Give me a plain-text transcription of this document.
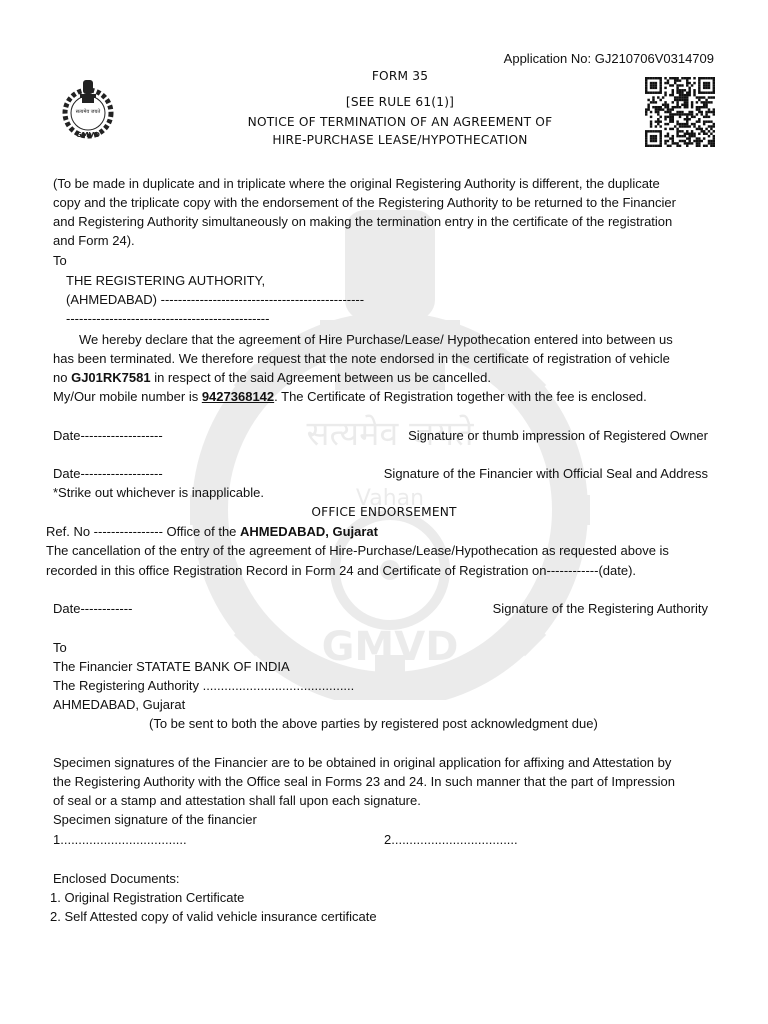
सत्यमेव जयते
Vahan
GMVD
सत्यमेव जयते
GMVD
Application No: GJ210706V0314709
FORM 35
[SEE RULE 61(1)]
NOTICE OF TERMINATION OF AN AGREEMENT OF
HIRE-PURCHASE LEASE/HYPOTHECATION
(To be made in duplicate and in triplicate where the original Registering Authority is different, the duplicate
copy and the triplicate copy with the endorsement of the Registering Authority to be returned to the Financier
and Registering Authority simultaneously on making the termination entry in the certificate of the registration
and Form 24).
To
THE REGISTERING AUTHORITY,
(AHMEDABAD) -----------------------------------------------
-----------------------------------------------
We hereby declare that the agreement of Hire Purchase/Lease/ Hypothecation entered into between us
has been terminated. We therefore request that the note endorsed in the certificate of registration of vehicle
no GJ01RK7581 in respect of the said Agreement between us be cancelled.
My/Our mobile number is 9427368142. The Certificate of Registration together with the fee is enclosed.
Date-------------------	Signature or thumb impression of Registered Owner
Date-------------------	Signature of the Financier with Official Seal and Address
*Strike out whichever is inapplicable.
OFFICE ENDORSEMENT
Ref. No ---------------- Office of the AHMEDABAD, Gujarat
The cancellation of the entry of the agreement of Hire-Purchase/Lease/Hypothecation as requested above is
recorded in this office Registration Record in Form 24 and Certificate of Registration on------------(date).
Date------------	Signature of the Registering Authority
To
The Financier STATATE BANK OF INDIA
The Registering Authority ..........................................
AHMEDABAD, Gujarat
(To be sent to both the above parties by registered post acknowledgment due)
Specimen signatures of the Financier are to be obtained in original application for affixing and Attestation by
the Registering Authority with the Office seal in Forms 23 and 24. In such manner that the part of Impression
of seal or a stamp and attestation shall fall upon each signature.
Specimen signature of the financier
1...................................	2...................................
Enclosed Documents:
1. Original Registration Certificate
2. Self Attested copy of valid vehicle insurance certificate
